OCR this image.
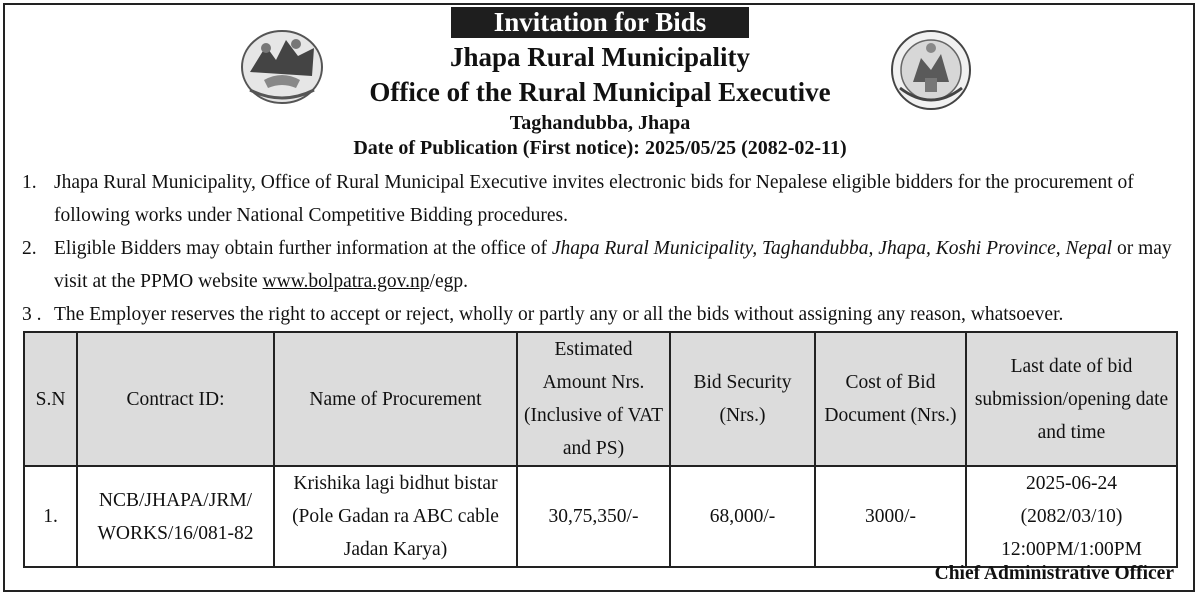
Invitation for Bids
Jhapa Rural Municipality
Office of the Rural Municipal Executive
Taghandubba, Jhapa
Date of Publication (First notice): 2025/05/25 (2082-02-11)
1. Jhapa Rural Municipality, Office of Rural Municipal Executive invites electronic bids for Nepalese eligible bidders for the procurement of following works under National Competitive Bidding procedures.
2. Eligible Bidders may obtain further information at the office of Jhapa Rural Municipality, Taghandubba, Jhapa, Koshi Province, Nepal or may visit at the PPMO website www.bolpatra.gov.np/egp.
3 . The Employer reserves the right to accept or reject, wholly or partly any or all the bids without assigning any reason, whatsoever.
S.N	Contract ID:	Name of Procurement	Estimated Amount Nrs. (Inclusive of VAT and PS)	Bid Security (Nrs.)	Cost of Bid Document (Nrs.)	Last date of bid submission/opening date and time
1.	NCB/JHAPA/JRM/ WORKS/16/081-82	Krishika lagi bidhut bistar (Pole Gadan ra ABC cable Jadan Karya)	30,75,350/-	68,000/-	3000/-	2025-06-24
(2082/03/10)
12:00PM/1:00PM
Chief Administrative Officer
